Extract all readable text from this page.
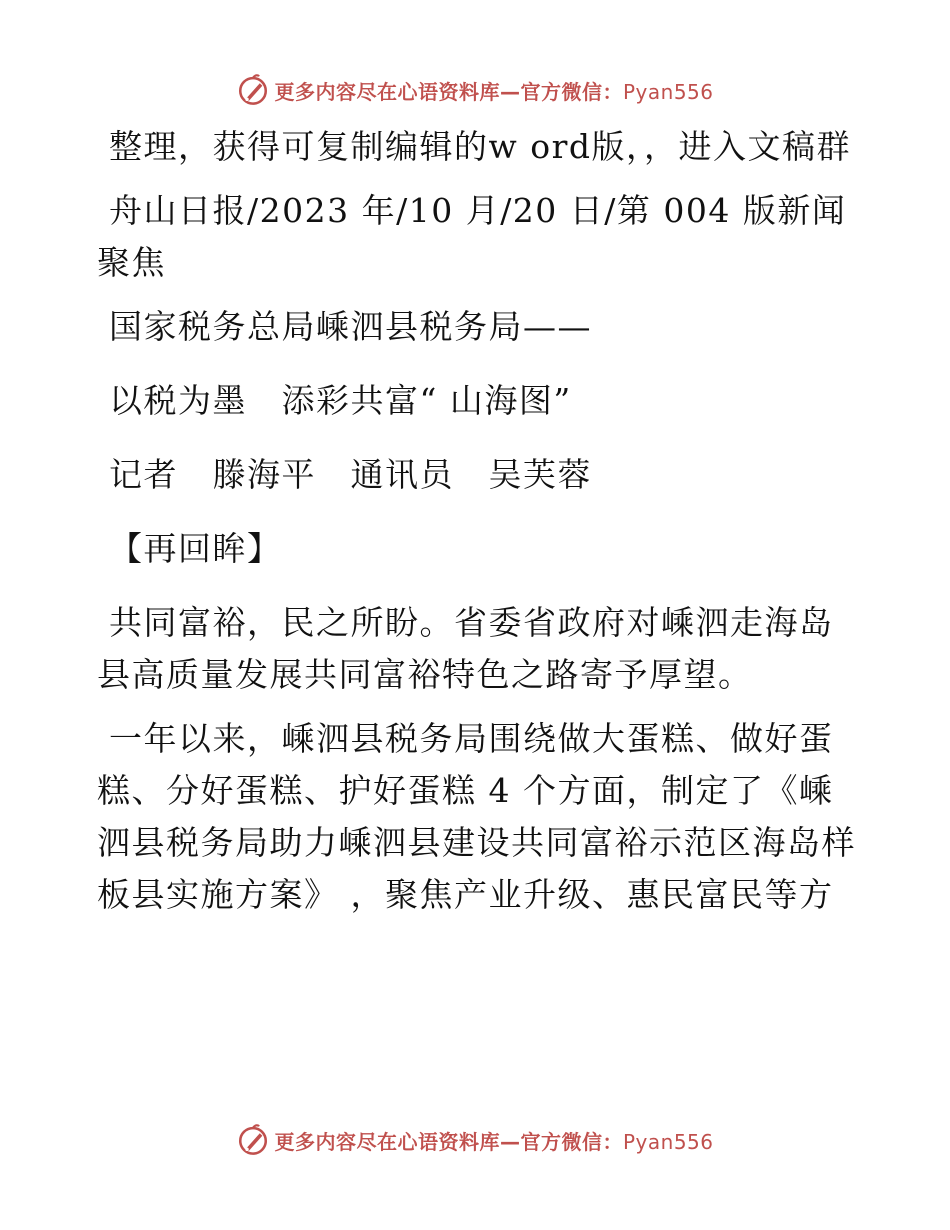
更多内容尽在心语资料库—官方微信：Pyan556

整理，获得可复制编辑的w ord版，，进入文稿群

舟山日报/2023 年/10 月/20 日/第 004 版新闻聚焦

国家税务总局嵊泗县税务局——

以税为墨　添彩共富“ 山海图”

记者　滕海平　通讯员　吴芙蓉

【再回眸】

共同富裕，民之所盼。省委省政府对嵊泗走海岛县高质量发展共同富裕特色之路寄予厚望。

一年以来，嵊泗县税务局围绕做大蛋糕、做好蛋糕、分好蛋糕、护好蛋糕 4 个方面，制定了《嵊泗县税务局助力嵊泗县建设共同富裕示范区海岛样板县实施方案》 ，聚焦产业升级、惠民富民等方

更多内容尽在心语资料库—官方微信：Pyan556
